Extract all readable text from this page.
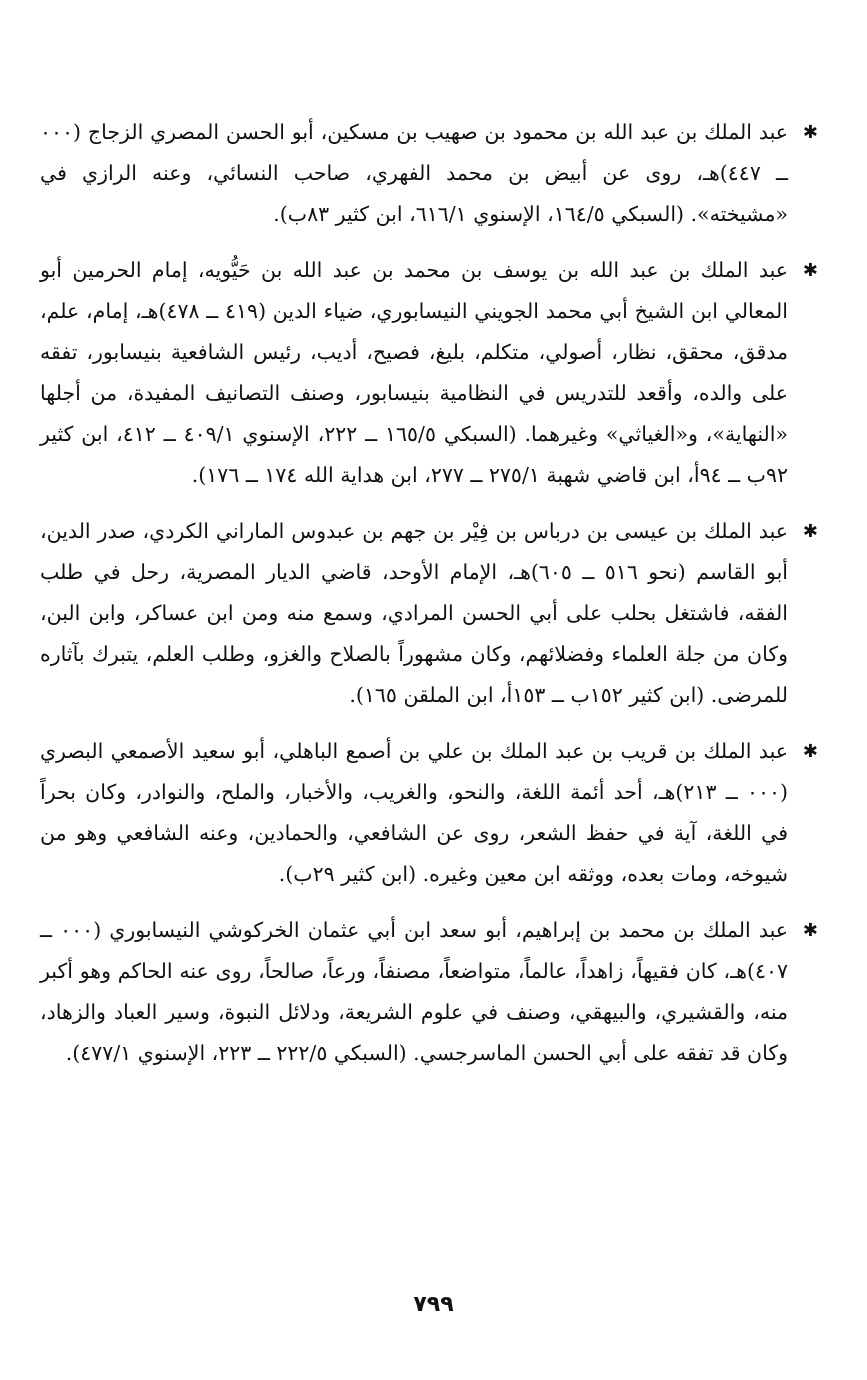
✱

عبد الملك بن عبد الله بن محمود بن صهيب بن مسكين، أبو الحسن المصري الزجاج (٠٠٠ ــ ٤٤٧)هـ، روى عن أبيض بن محمد الفهري، صاحب النسائي، وعنه الرازي في «مشيخته». (السبكي ١٦٤/٥، الإسنوي ٦١٦/١، ابن كثير ٨٣ب).

✱

عبد الملك بن عبد الله بن يوسف بن محمد بن عبد الله بن حَيُّويه، إمام الحرمين أبو المعالي ابن الشيخ أبي محمد الجويني النيسابوري، ضياء الدين (٤١٩ ــ ٤٧٨)هـ، إمام، علم، مدقق، محقق، نظار، أصولي، متكلم، بليغ، فصيح، أديب، رئيس الشافعية بنيسابور، تفقه على والده، وأقعد للتدريس في النظامية بنيسابور، وصنف التصانيف المفيدة، من أجلها «النهاية»، و«الغياثي» وغيرهما. (السبكي ١٦٥/٥ ــ ٢٢٢، الإسنوي ٤٠٩/١ ــ ٤١٢، ابن كثير ٩٢ب ــ ٩٤أ، ابن قاضي شهبة ٢٧٥/١ ــ ٢٧٧، ابن هداية الله ١٧٤ ــ ١٧٦).

✱

عبد الملك بن عيسى بن درباس بن فِيْر بن جهم بن عبدوس الماراني الكردي، صدر الدين، أبو القاسم (نحو ٥١٦ ــ ٦٠٥)هـ، الإمام الأوحد، قاضي الديار المصرية، رحل في طلب الفقه، فاشتغل بحلب على أبي الحسن المرادي، وسمع منه ومن ابن عساكر، وابن البن، وكان من جلة العلماء وفضلائهم، وكان مشهوراً بالصلاح والغزو، وطلب العلم، يتبرك بآثاره للمرضى. (ابن كثير ١٥٢ب ــ ١٥٣أ، ابن الملقن ١٦٥).

✱

عبد الملك بن قريب بن عبد الملك بن علي بن أصمع الباهلي، أبو سعيد الأصمعي البصري (٠٠٠ ــ ٢١٣)هـ، أحد أئمة اللغة، والنحو، والغريب، والأخبار، والملح، والنوادر، وكان بحراً في اللغة، آية في حفظ الشعر، روى عن الشافعي، والحمادين، وعنه الشافعي وهو من شيوخه، ومات بعده، ووثقه ابن معين وغيره. (ابن كثير ٢٩ب).

✱

عبد الملك بن محمد بن إبراهيم، أبو سعد ابن أبي عثمان الخركوشي النيسابوري (٠٠٠ ــ ٤٠٧)هـ، كان فقيهاً، زاهداً، عالماً، متواضعاً، مصنفاً، ورعاً، صالحاً، روى عنه الحاكم وهو أكبر منه، والقشيري، والبيهقي، وصنف في علوم الشريعة، ودلائل النبوة، وسير العباد والزهاد، وكان قد تفقه على أبي الحسن الماسرجسي. (السبكي ٢٢٢/٥ ــ ٢٢٣، الإسنوي ٤٧٧/١).

٧٩٩
